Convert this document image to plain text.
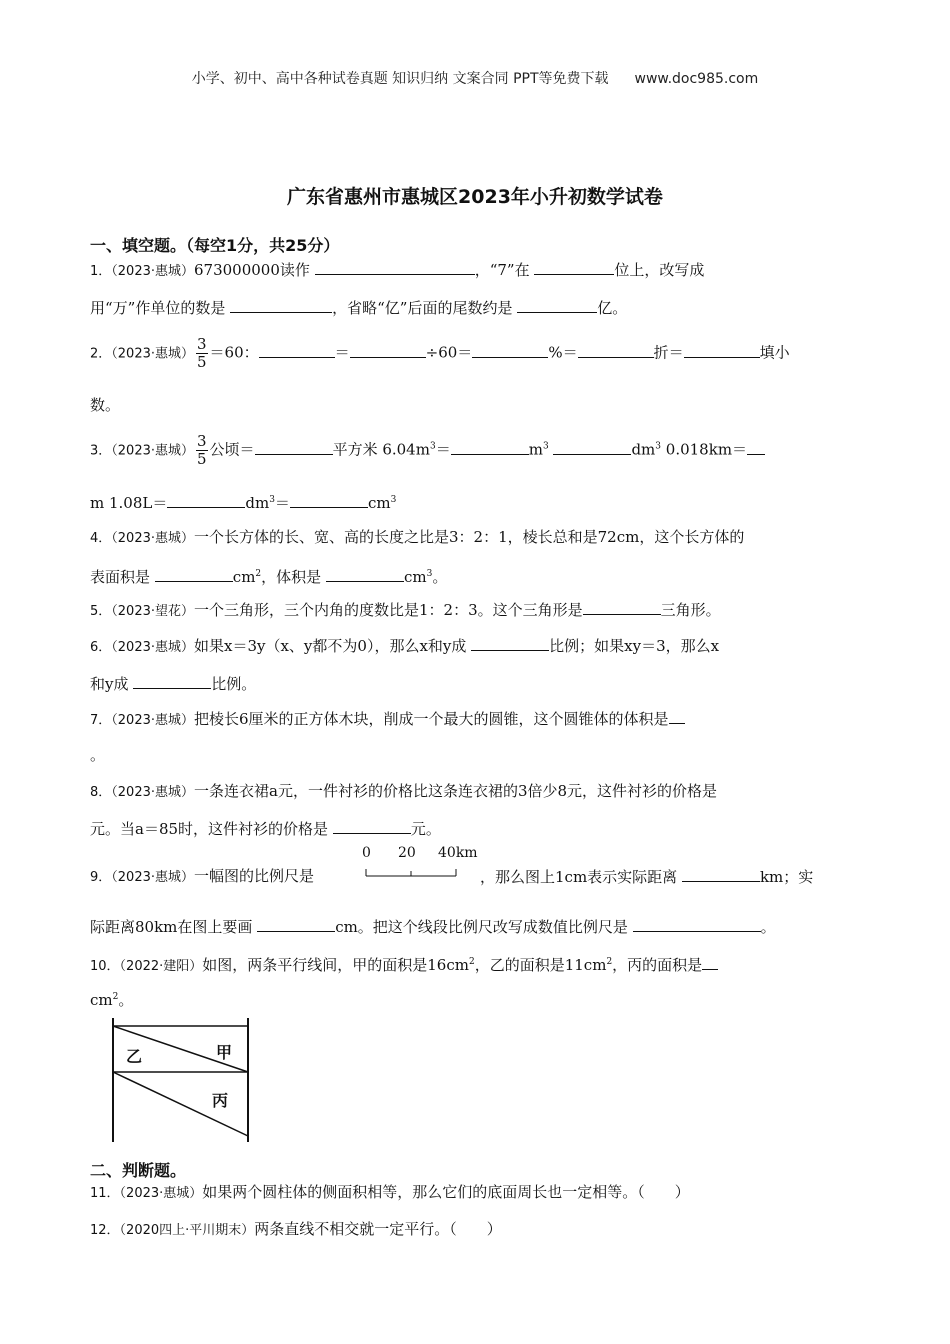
小学、初中、高中各种试卷真题 知识归纳 文案合同 PPT等免费下载 www.doc985.com
广东省惠州市惠城区2023年小升初数学试卷
一、填空题。（每空1分，共25分）
1．（2023·惠城）673000000读作	，“7”在	位上，改写成
用“万”作单位的数是	，省略“亿”后面的尾数约是	亿。
2．（2023·惠城） $\frac{3}{5} =60$：	＝	÷60＝	%＝	折＝	填小
数。
3．（2023·惠城） $\frac{3}{5}$ 公顷＝	平方米 $6.04m^3=$	$m^3$	$dm^3$ 0.018km＝
m 1.08L＝	$dm^3=$	$cm^3$
4．（2023·惠城）一个长方体的长、宽、高的长度之比是3：2：1，棱长总和是72cm，这个长方体的
表面积是	$cm^2$，体积是	$cm^3$。
5．（2023·望花）一个三角形，三个内角的度数比是1：2：3。这个三角形是	三角形。
6．（2023·惠城）如果x＝3y（x、y都不为0），那么x和y成	比例；如果xy＝3，那么x
和y成	比例。
7．（2023·惠城）把棱长6厘米的正方体木块，削成一个最大的圆锥，这个圆锥体的体积是
。
8．（2023·惠城）一条连衣裙a元，一件衬衫的价格比这条连衣裙的3倍少8元，这件衬衫的价格是
元。当a＝85时，这件衬衫的价格是	元。
9．（2023·惠城）一幅图的比例尺是
0 20 40km
，那么图上1cm表示实际距离	km；实
际距离80km在图上要画	cm。把这个线段比例尺改写成数值比例尺是	。
10．（2022·建阳）如图，两条平行线间，甲的面积是$16cm^2$，乙的面积是$11cm^2$，丙的面积是
$cm^2$。
乙	甲
丙
二、判断题。
11．（2023·惠城）如果两个圆柱体的侧面积相等，那么它们的底面周长也一定相等。（　　）
12．（2020四上·平川期末）两条直线不相交就一定平行。（　　）
